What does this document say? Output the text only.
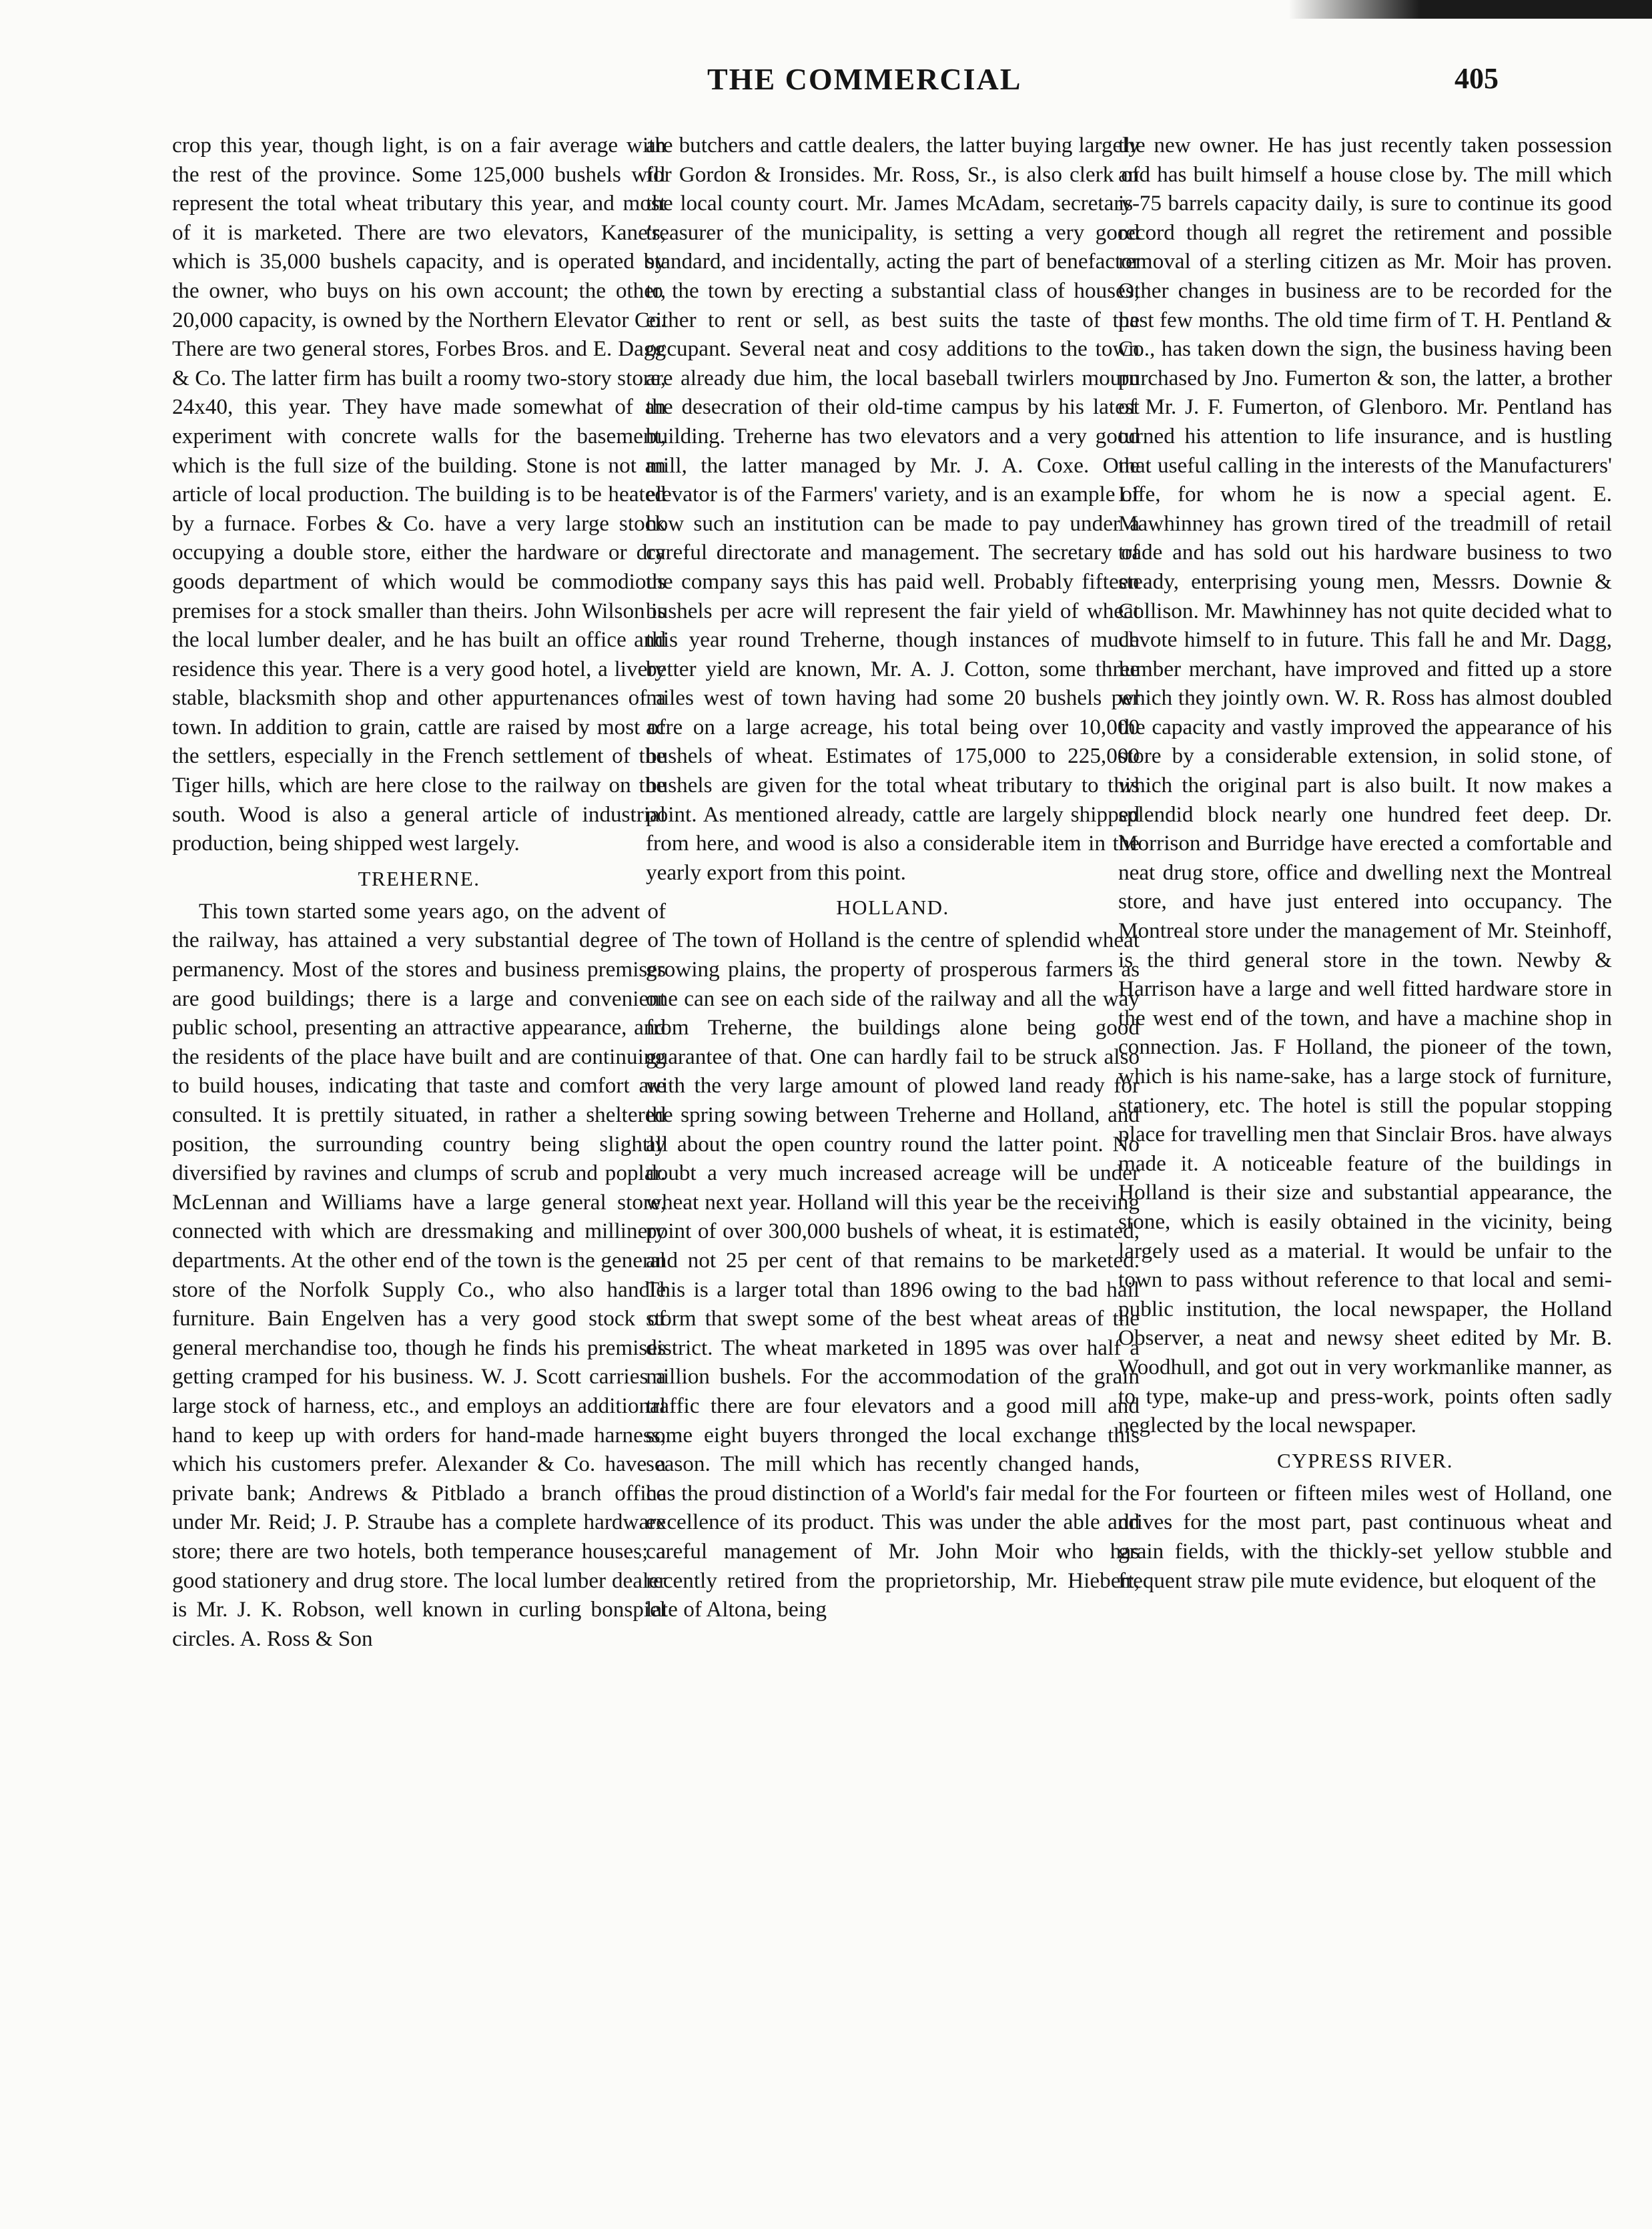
THE COMMERCIAL	405

crop this year, though light, is on a fair average with the rest of the province. Some 125,000 bushels will represent the total wheat tributary this year, and most of it is marketed. There are two elevators, Kane's, which is 35,000 bushels capacity, and is operated by the owner, who buys on his own account; the other, 20,000 capacity, is owned by the Northern Elevator Co. There are two general stores, Forbes Bros. and E. Dagg & Co. The latter firm has built a roomy two-story store, 24x40, this year. They have made somewhat of an experiment with concrete walls for the basement, which is the full size of the building. Stone is not an article of local production. The building is to be heated by a furnace. Forbes & Co. have a very large stock occupying a double store, either the hardware or dry goods department of which would be commodious premises for a stock smaller than theirs. John Wilson is the local lumber dealer, and he has built an office and residence this year. There is a very good hotel, a livery stable, blacksmith shop and other appurtenances of a town. In addition to grain, cattle are raised by most of the settlers, especially in the French settlement of the Tiger hills, which are here close to the railway on the south. Wood is also a general article of industrial production, being shipped west largely.

TREHERNE.

This town started some years ago, on the advent of the railway, has attained a very substantial degree of permanency. Most of the stores and business premises are good buildings; there is a large and convenient public school, presenting an attractive appearance, and the residents of the place have built and are continuing to build houses, indicating that taste and comfort are consulted. It is prettily situated, in rather a sheltered position, the surrounding country being slightly diversified by ravines and clumps of scrub and poplar. McLennan and Williams have a large general store, connected with which are dressmaking and millinery departments. At the other end of the town is the general store of the Norfolk Supply Co., who also handle furniture. Bain Engelven has a very good stock of general merchandise too, though he finds his premises getting cramped for his business. W. J. Scott carries a large stock of harness, etc., and employs an additional hand to keep up with orders for hand-made harness, which his customers prefer. Alexander & Co. have a private bank; Andrews & Pitblado a branch office under Mr. Reid; J. P. Straube has a complete hardware store; there are two hotels, both temperance houses; a good stationery and drug store. The local lumber dealer is Mr. J. K. Robson, well known in curling bonspiel circles. A. Ross & Son

are butchers and cattle dealers, the latter buying largely for Gordon & Ironsides. Mr. Ross, Sr., is also clerk of the local county court. Mr. James McAdam, secretary-treasurer of the municipality, is setting a very good standard, and incidentally, acting the part of benefactor to the town by erecting a substantial class of houses, either to rent or sell, as best suits the taste of the occupant. Several neat and cosy additions to the town are already due him, the local baseball twirlers mourn the desecration of their old-time campus by his latest building. Treherne has two elevators and a very good mill, the latter managed by Mr. J. A. Coxe. One elevator is of the Farmers' variety, and is an example of how such an institution can be made to pay under a careful directorate and management. The secretary of the company says this has paid well. Probably fifteen bushels per acre will represent the fair yield of wheat this year round Treherne, though instances of much better yield are known, Mr. A. J. Cotton, some three miles west of town having had some 20 bushels per acre on a large acreage, his total being over 10,000 bushels of wheat. Estimates of 175,000 to 225,000 bushels are given for the total wheat tributary to this point. As mentioned already, cattle are largely shipped from here, and wood is also a considerable item in the yearly export from this point.

HOLLAND.

The town of Holland is the centre of splendid wheat growing plains, the property of prosperous farmers as one can see on each side of the railway and all the way from Treherne, the buildings alone being good guarantee of that. One can hardly fail to be struck also with the very large amount of plowed land ready for the spring sowing between Treherne and Holland, and all about the open country round the latter point. No doubt a very much increased acreage will be under wheat next year. Holland will this year be the receiving point of over 300,000 bushels of wheat, it is estimated, and not 25 per cent of that remains to be marketed. This is a larger total than 1896 owing to the bad hail storm that swept some of the best wheat areas of the district. The wheat marketed in 1895 was over half a million bushels. For the accommodation of the grain traffic there are four elevators and a good mill and some eight buyers thronged the local exchange this season. The mill which has recently changed hands, has the proud distinction of a World's fair medal for the excellence of its product. This was under the able and careful management of Mr. John Moir who has recently retired from the proprietorship, Mr. Hiebert, late of Altona, being

the new owner. He has just recently taken possession and has built himself a house close by. The mill which is 75 barrels capacity daily, is sure to continue its good record though all regret the retirement and possible removal of a sterling citizen as Mr. Moir has proven. Other changes in business are to be recorded for the past few months. The old time firm of T. H. Pentland & Co., has taken down the sign, the business having been purchased by Jno. Fumerton & son, the latter, a brother of Mr. J. F. Fumerton, of Glenboro. Mr. Pentland has turned his attention to life insurance, and is hustling that useful calling in the interests of the Manufacturers' Life, for whom he is now a special agent. E. Mawhinney has grown tired of the treadmill of retail trade and has sold out his hardware business to two steady, enterprising young men, Messrs. Downie & Collison. Mr. Mawhinney has not quite decided what to devote himself to in future. This fall he and Mr. Dagg, lumber merchant, have improved and fitted up a store which they jointly own. W. R. Ross has almost doubled the capacity and vastly improved the appearance of his store by a considerable extension, in solid stone, of which the original part is also built. It now makes a splendid block nearly one hundred feet deep. Dr. Morrison and Burridge have erected a comfortable and neat drug store, office and dwelling next the Montreal store, and have just entered into occupancy. The Montreal store under the management of Mr. Steinhoff, is the third general store in the town. Newby & Harrison have a large and well fitted hardware store in the west end of the town, and have a machine shop in connection. Jas. F Holland, the pioneer of the town, which is his name-sake, has a large stock of furniture, stationery, etc. The hotel is still the popular stopping place for travelling men that Sinclair Bros. have always made it. A noticeable feature of the buildings in Holland is their size and substantial appearance, the stone, which is easily obtained in the vicinity, being largely used as a material. It would be unfair to the town to pass without reference to that local and semi-public institution, the local newspaper, the Holland Observer, a neat and newsy sheet edited by Mr. B. Woodhull, and got out in very workmanlike manner, as to type, make-up and press-work, points often sadly neglected by the local newspaper.

CYPRESS RIVER.

For fourteen or fifteen miles west of Holland, one drives for the most part, past continuous wheat and grain fields, with the thickly-set yellow stubble and frequent straw pile mute evidence, but eloquent of the
